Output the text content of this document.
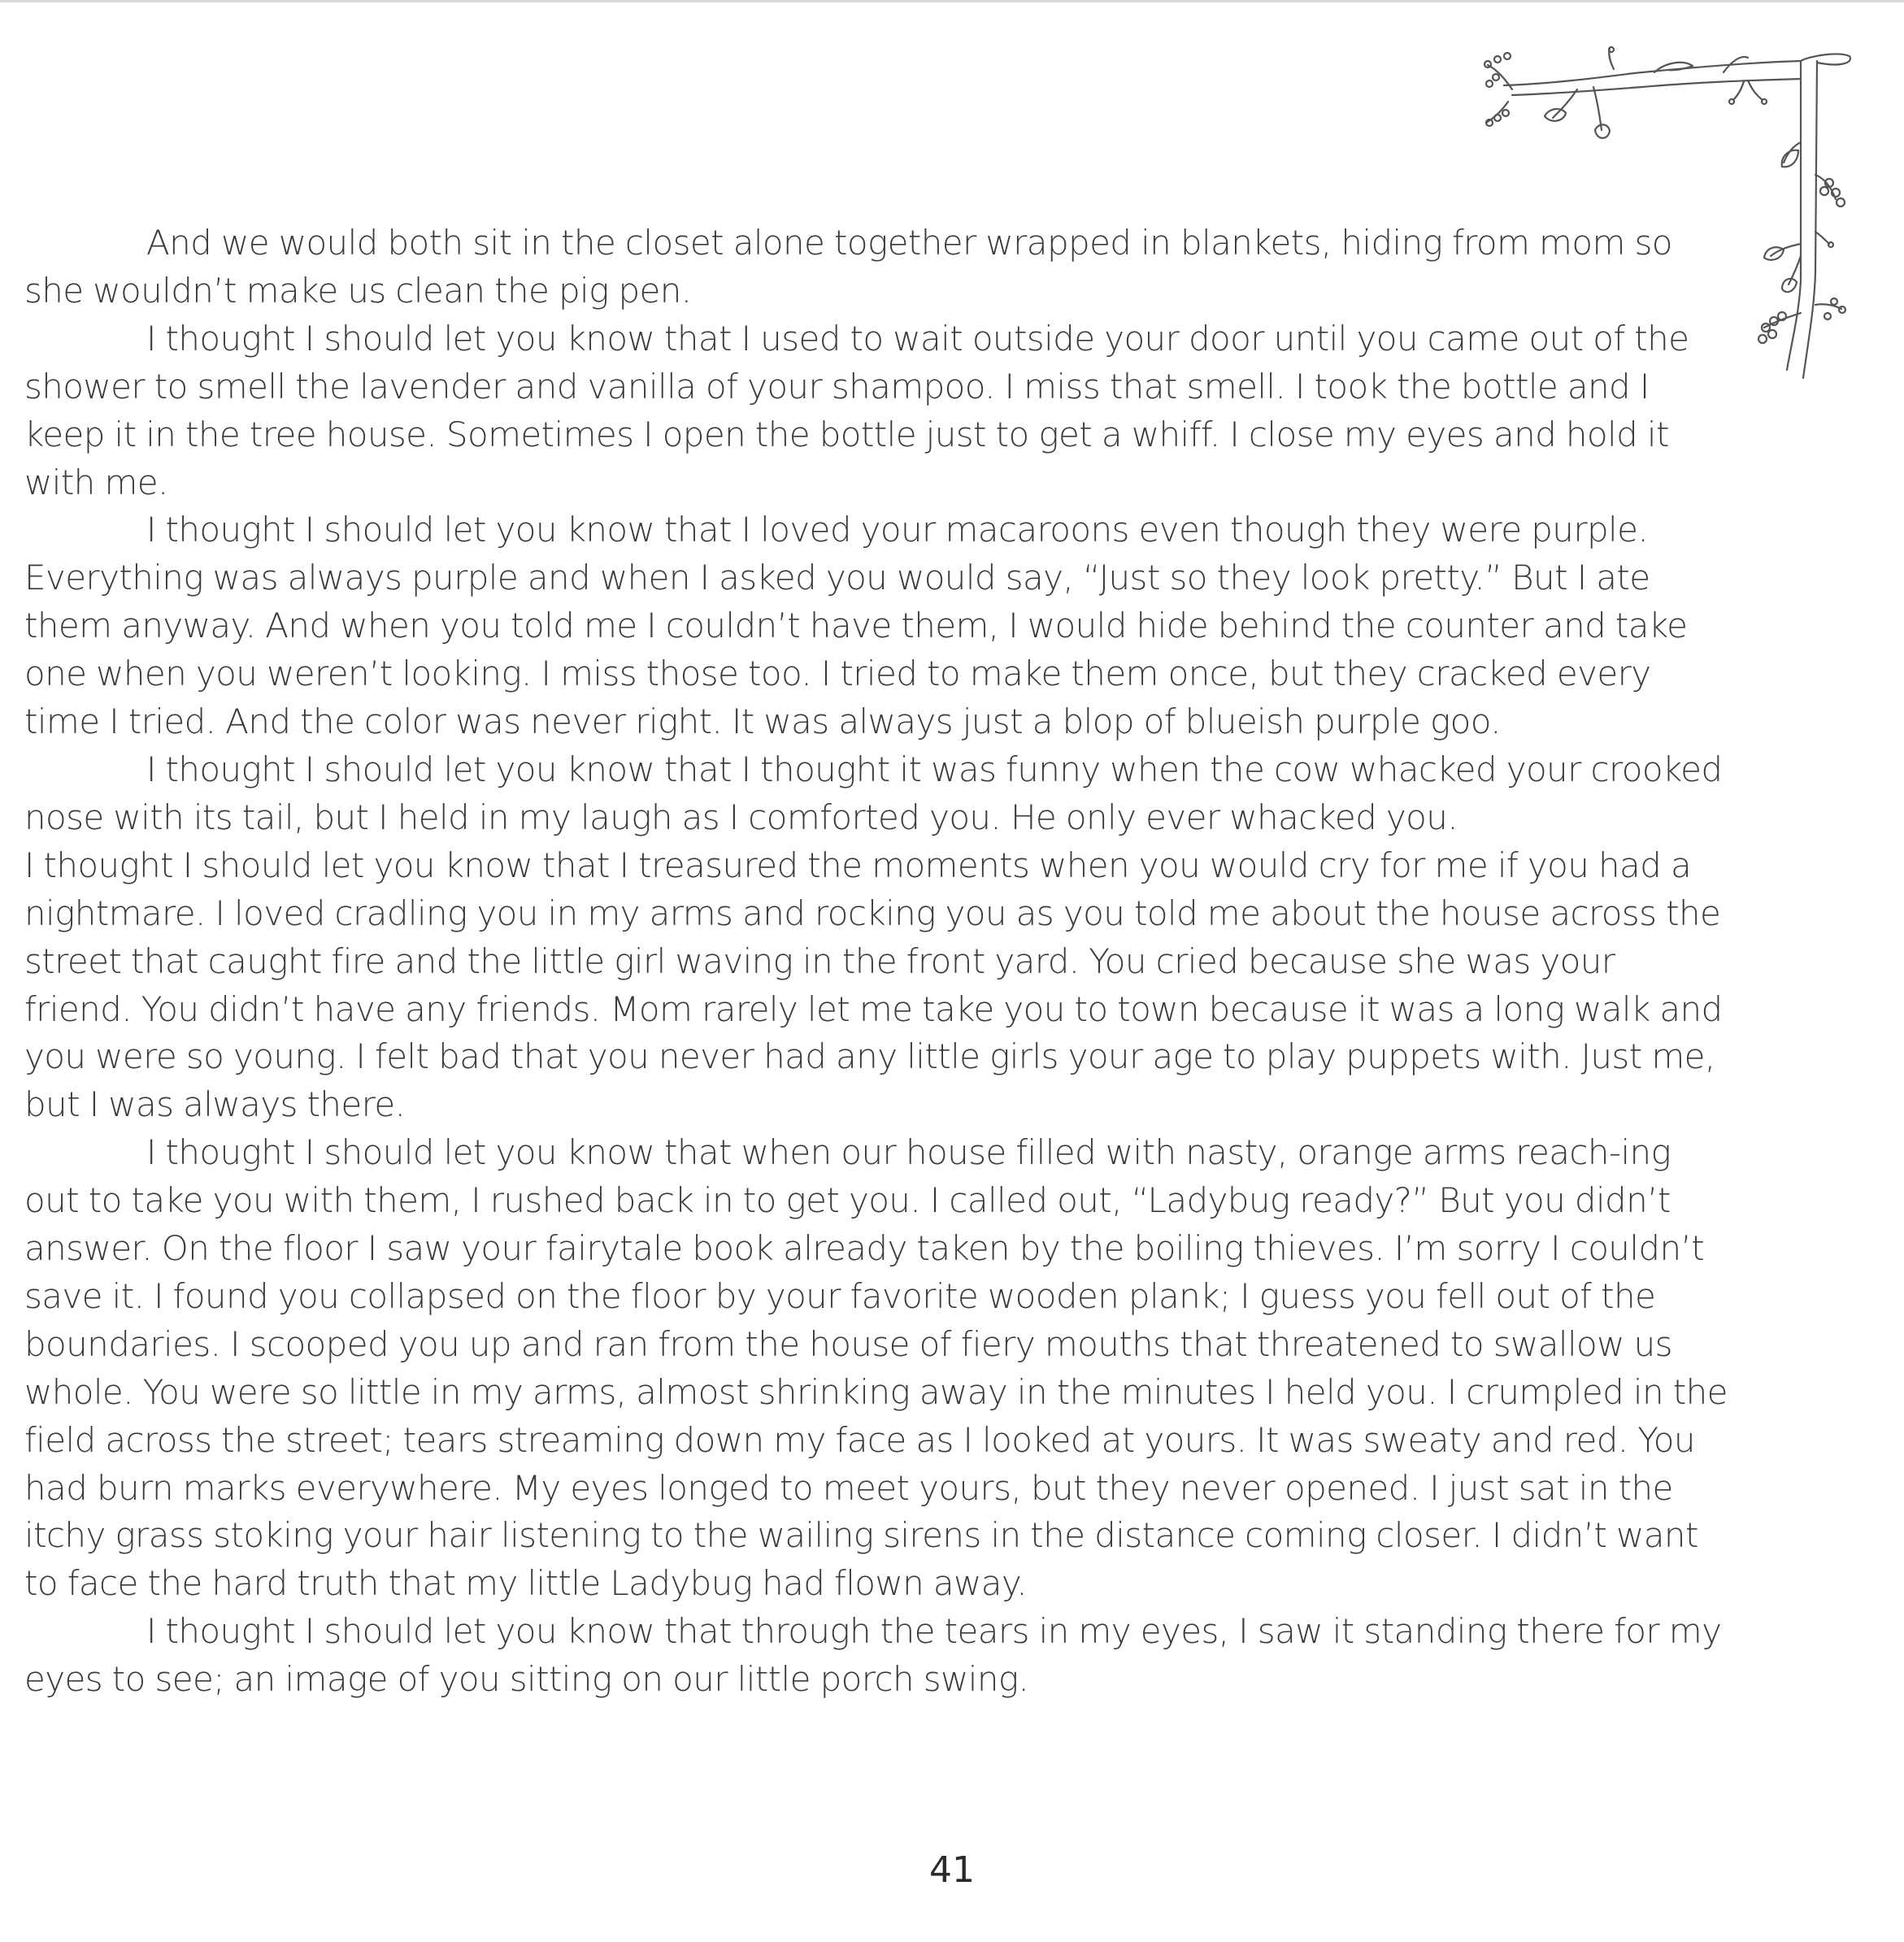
And we would both sit in the closet alone together wrapped in blankets, hiding from mom so she wouldn’t make us clean the pig pen.

I thought I should let you know that I used to wait outside your door until you came out of the shower to smell the lavender and vanilla of your shampoo. I miss that smell. I took the bottle and I keep it in the tree house. Sometimes I open the bottle just to get a whiff. I close my eyes and hold it with me.

I thought I should let you know that I loved your macaroons even though they were purple. Everything was always purple and when I asked you would say, “Just so they look pretty.” But I ate them anyway. And when you told me I couldn’t have them, I would hide behind the counter and take one when you weren’t looking. I miss those too. I tried to make them once, but they cracked every time I tried. And the color was never right. It was always just a blop of blueish purple goo.

I thought I should let you know that I thought it was funny when the cow whacked your crooked nose with its tail, but I held in my laugh as I comforted you. He only ever whacked you.

I thought I should let you know that I treasured the moments when you would cry for me if you had a nightmare. I loved cradling you in my arms and rocking you as you told me about the house across the street that caught fire and the little girl waving in the front yard. You cried because she was your friend. You didn’t have any friends. Mom rarely let me take you to town because it was a long walk and you were so young. I felt bad that you never had any little girls your age to play puppets with. Just me, but I was always there.

I thought I should let you know that when our house filled with nasty, orange arms reach-ing out to take you with them, I rushed back in to get you. I called out, “Ladybug ready?” But you didn’t answer. On the floor I saw your fairytale book already taken by the boiling thieves. I’m sorry I couldn’t save it. I found you collapsed on the floor by your favorite wooden plank; I guess you fell out of the boundaries. I scooped you up and ran from the house of fiery mouths that threatened to swallow us whole. You were so little in my arms, almost shrinking away in the minutes I held you. I crumpled in the field across the street; tears streaming down my face as I looked at yours. It was sweaty and red. You had burn marks everywhere. My eyes longed to meet yours, but they never opened. I just sat in the itchy grass stoking your hair listening to the wailing sirens in the distance coming closer. I didn’t want to face the hard truth that my little Ladybug had flown away.

I thought I should let you know that through the tears in my eyes, I saw it standing there for my eyes to see; an image of you sitting on our little porch swing.

41
